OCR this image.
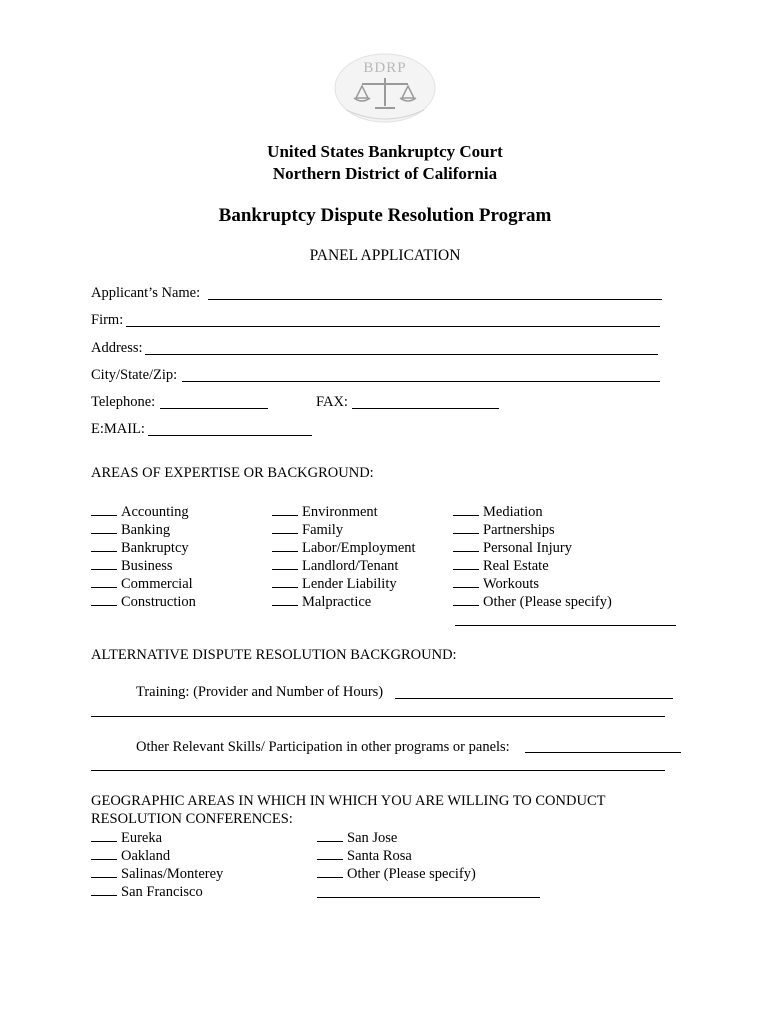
BDRP
United States Bankruptcy Court
Northern District of California
Bankruptcy Dispute Resolution Program
PANEL APPLICATION
Applicant’s Name:
Firm:
Address:
City/State/Zip:
Telephone:	FAX:
E:MAIL:
AREAS OF EXPERTISE OR BACKGROUND:
Accounting
Banking
Bankruptcy
Business
Commercial
Construction
Environment
Family
Labor/Employment
Landlord/Tenant
Lender Liability
Malpractice
Mediation
Partnerships
Personal Injury
Real Estate
Workouts
Other (Please specify)
ALTERNATIVE DISPUTE RESOLUTION BACKGROUND:
Training: (Provider and Number of Hours)
Other Relevant Skills/ Participation in other programs or panels:
GEOGRAPHIC AREAS IN WHICH IN WHICH YOU ARE WILLING TO CONDUCT
RESOLUTION CONFERENCES:
Eureka
Oakland
Salinas/Monterey
San Francisco
San Jose
Santa Rosa
Other (Please specify)
